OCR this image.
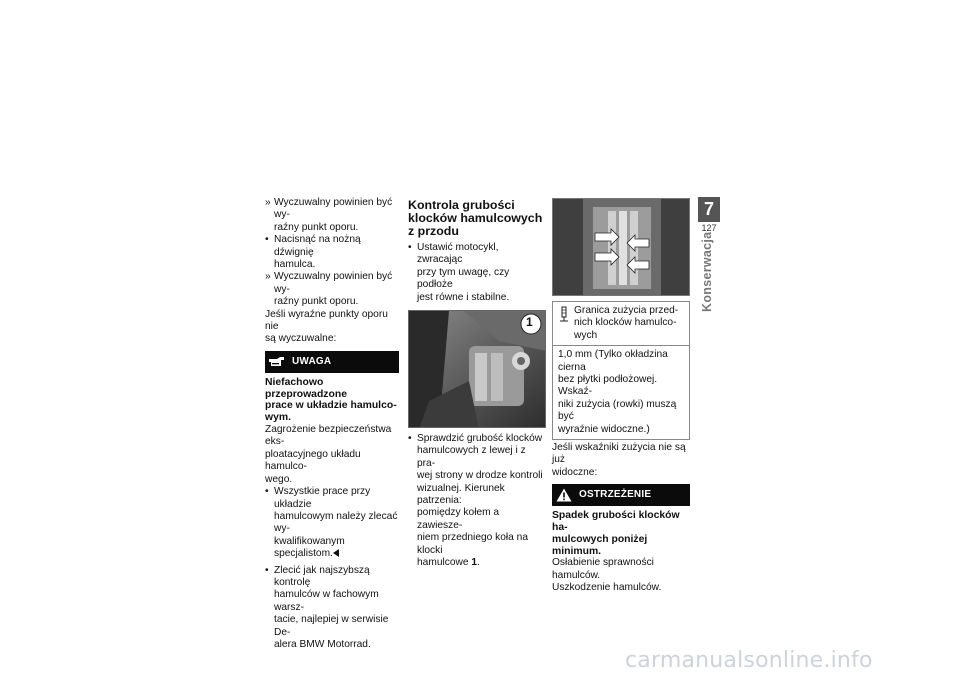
» Wyczuwalny powinien być wy-
raźny punkt oporu.
• Nacisnąć na nożną dźwignię
hamulca.
» Wyczuwalny powinien być wy-
raźny punkt oporu.

Jeśli wyraźne punkty oporu nie
są wyczuwalne:

UWAGA

Niefachowo przeprowadzone
prace w układzie hamulco-
wym.

Zagrożenie bezpieczeństwa eks-
ploatacyjnego układu hamulco-
wego.

• Wszystkie prace przy układzie
hamulcowym należy zlecać wy-
kwalifikowanym specjalistom.
• Zlecić jak najszybszą kontrolę
hamulców w fachowym warsz-
tacie, najlepiej w serwisie De-
alera BMW Motorrad.

Kontrola grubości
klocków hamulcowych
z przodu

• Ustawić motocykl, zwracając
przy tym uwagę, czy podłoże
jest równe i stabilne.
1
• Sprawdzić grubość klocków
hamulcowych z lewej i z pra-
wej strony w drodze kontroli
wizualnej. Kierunek patrzenia:
pomiędzy kołem a zawiesze-
niem przedniego koła na klocki
hamulcowe 1.
Granica zużycia przed-
nich klocków hamulco-
wych
1,0 mm (Tylko okładzina cierna
bez płytki podłożowej. Wskaź-
niki zużycia (rowki) muszą być
wyraźnie widoczne.)

Jeśli wskaźniki zużycia nie są już
widoczne:

OSTRZEŻENIE

Spadek grubości klocków ha-
mulcowych poniżej minimum.

Osłabienie sprawności hamulców.
Uszkodzenie hamulców.

7
127
Konserwacja
carmanualsonline.info
